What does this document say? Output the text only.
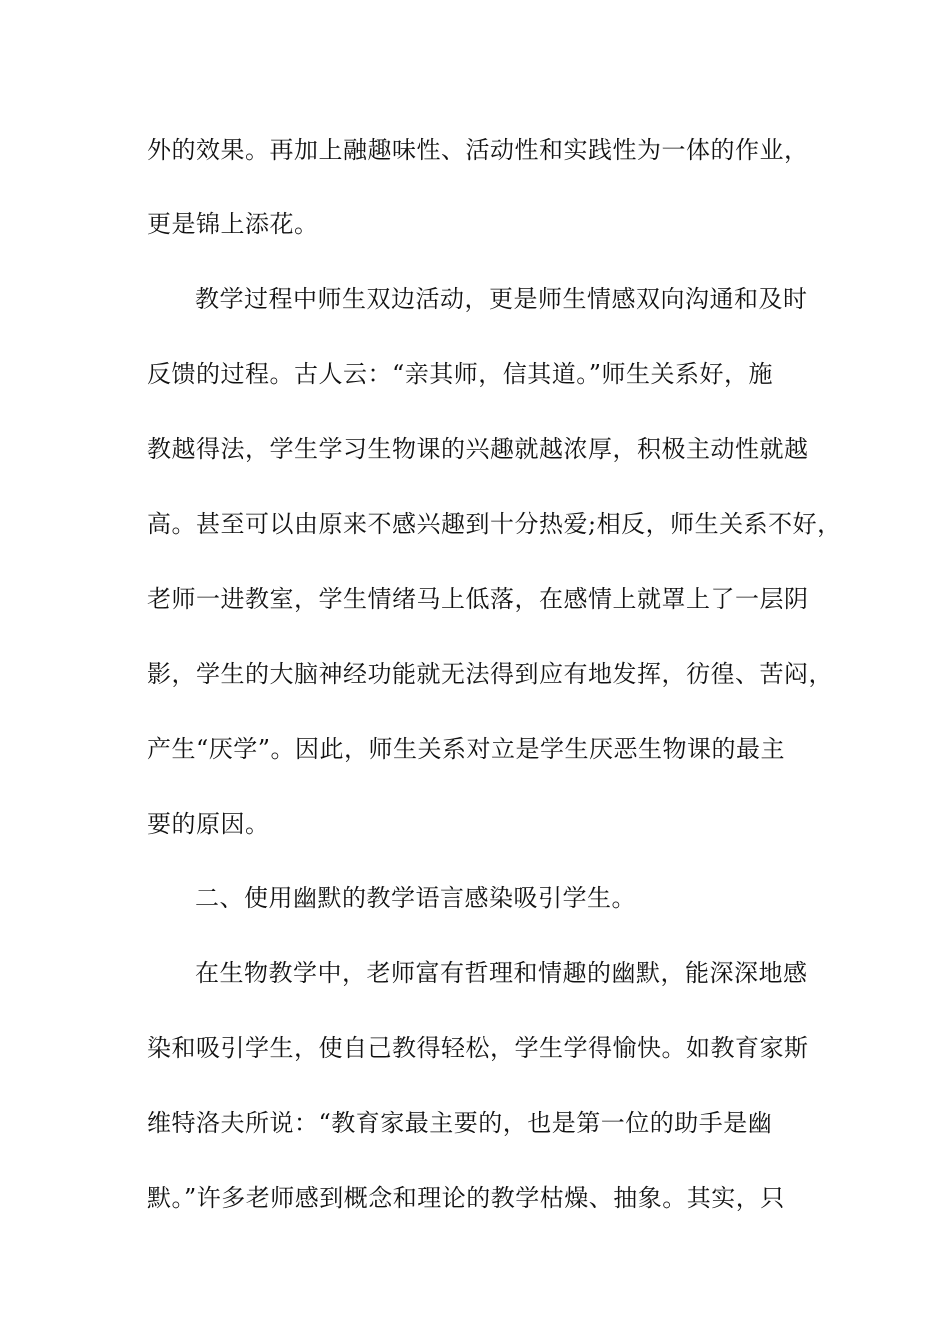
外的效果。再加上融趣味性、活动性和实践性为一体的作业，
更是锦上添花。
教学过程中师生双边活动，更是师生情感双向沟通和及时
反馈的过程。古人云：“亲其师，信其道。”师生关系好，施
教越得法，学生学习生物课的兴趣就越浓厚，积极主动性就越
高。甚至可以由原来不感兴趣到十分热爱;相反，师生关系不好，
老师一进教室，学生情绪马上低落，在感情上就罩上了一层阴
影，学生的大脑神经功能就无法得到应有地发挥，彷徨、苦闷，
产生“厌学”。因此，师生关系对立是学生厌恶生物课的最主
要的原因。
二、使用幽默的教学语言感染吸引学生。
在生物教学中，老师富有哲理和情趣的幽默，能深深地感
染和吸引学生，使自己教得轻松，学生学得愉快。如教育家斯
维特洛夫所说：“教育家最主要的，也是第一位的助手是幽
默。”许多老师感到概念和理论的教学枯燥、抽象。其实，只
